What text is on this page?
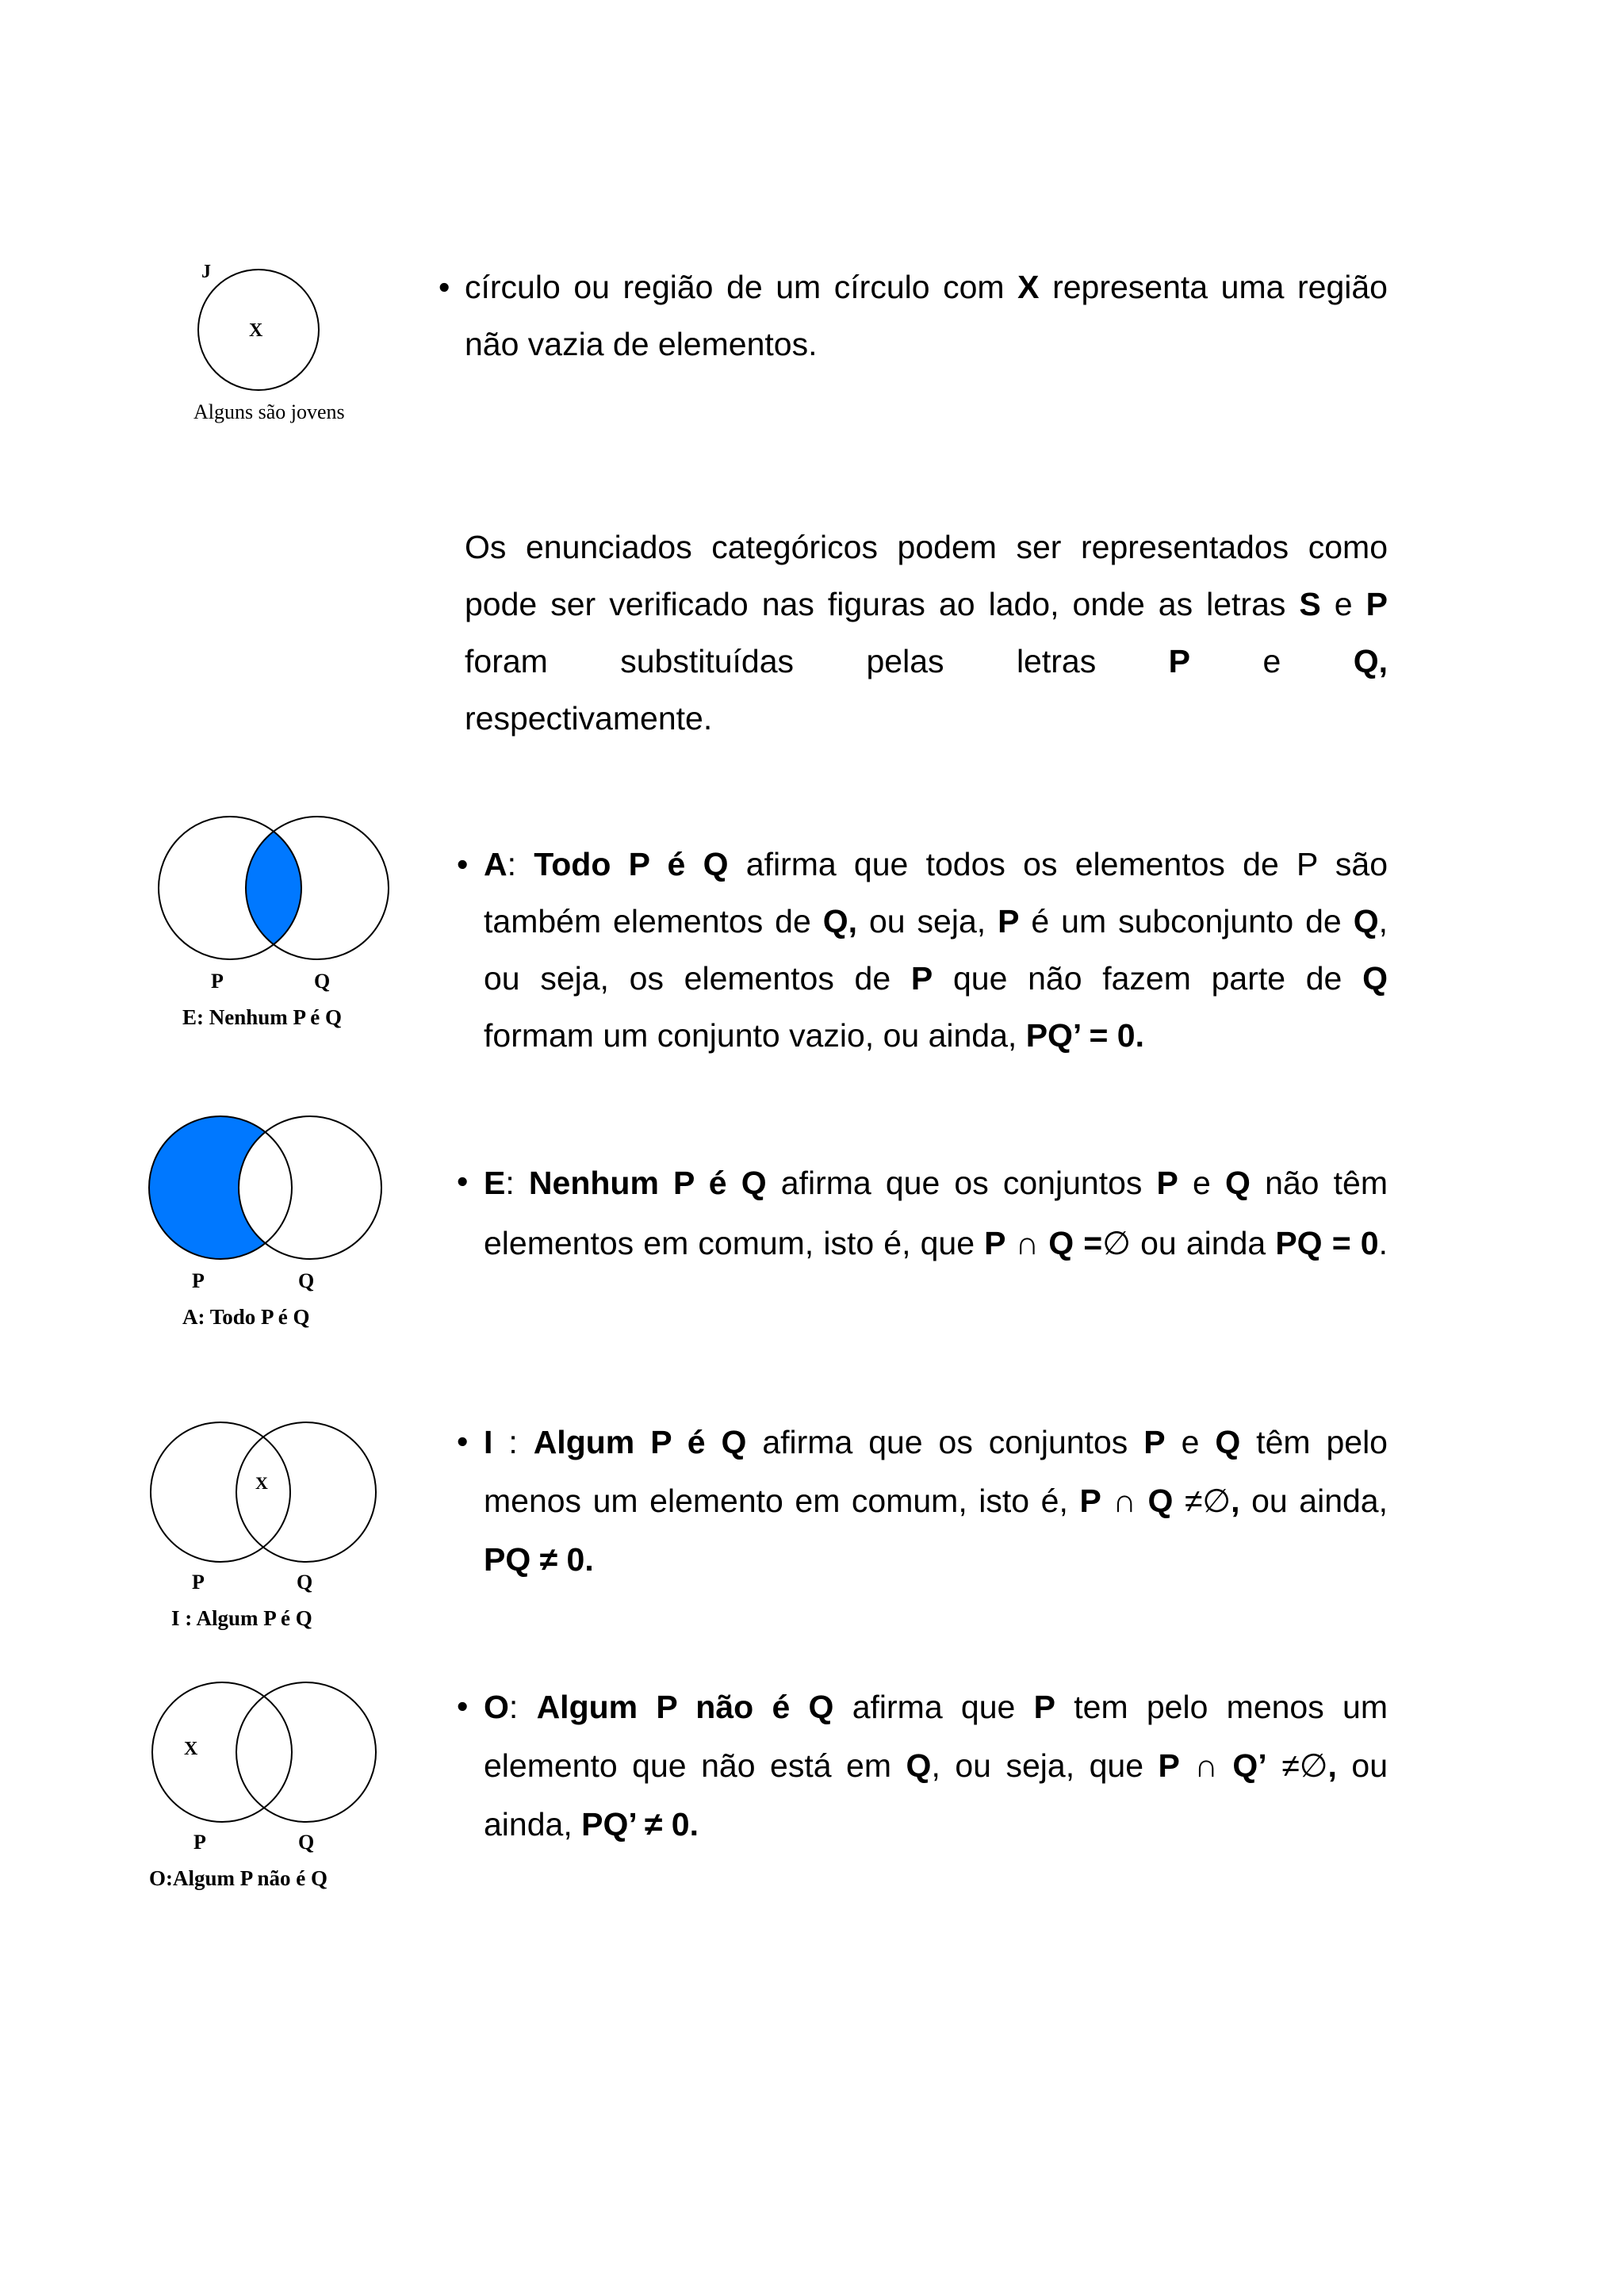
J
X
Alguns são jovens
P	Q
E: Nenhum P é Q
P	Q
A: Todo P é Q
X
P	Q
I : Algum P é Q
X
P	Q
O:Algum P não é Q
• círculo ou região de um círculo com X representa uma região
não vazia de elementos.
Os enunciados categóricos podem ser representados como
pode ser verificado nas figuras ao lado, onde as letras S e P
foram substituídas pelas letras P e Q,
respectivamente.
• A: Todo P é Q afirma que todos os elementos de P são
também elementos de Q, ou seja, P é um subconjunto de Q,
ou seja, os elementos de P que não fazem parte de Q
formam um conjunto vazio, ou ainda, PQ’ = 0.
• E: Nenhum P é Q afirma que os conjuntos P e Q não têm
elementos em comum, isto é, que P ∩ Q =∅ ou ainda PQ = 0.
• I : Algum P é Q afirma que os conjuntos P e Q têm pelo
menos um elemento em comum, isto é, P ∩ Q ≠∅, ou ainda,
PQ ≠ 0.
• O: Algum P não é Q afirma que P tem pelo menos um
elemento que não está em Q, ou seja, que P ∩ Q’ ≠∅, ou
ainda, PQ’ ≠ 0.
